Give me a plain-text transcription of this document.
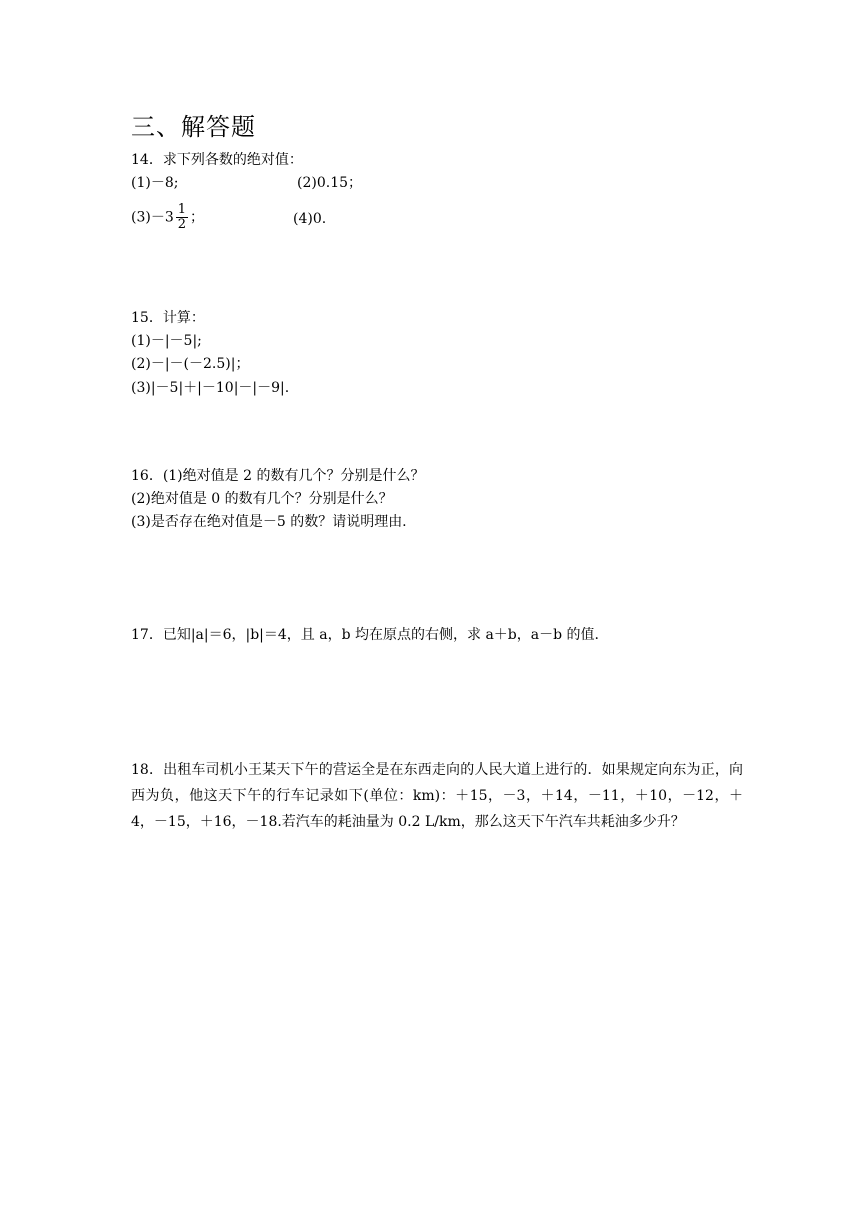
三、解答题
14．求下列各数的绝对值：
(1)－8;	(2)0.15；
$(3)-3 \frac{1}{2}$ ；	(4)0.
15．计算：
(1)－|－5|;
(2)－|－(－2.5)|；
(3)|－5|＋|－10|－|－9|.
16．(1)绝对值是 2 的数有几个？分别是什么？
(2)绝对值是 0 的数有几个？分别是什么？
(3)是否存在绝对值是－5 的数？请说明理由.
17．已知|a|＝6，|b|＝4，且 a，b 均在原点的右侧，求 a＋b，a－b 的值.
18．出租车司机小王某天下午的营运全是在东西走向的人民大道上进行的．如果规定向东为正，向西为负，他这天下午的行车记录如下(单位：km)：＋15，－3，＋14，－11，＋10，－12，＋4，－15，＋16，－18.若汽车的耗油量为 0.2 L/km，那么这天下午汽车共耗油多少升？
